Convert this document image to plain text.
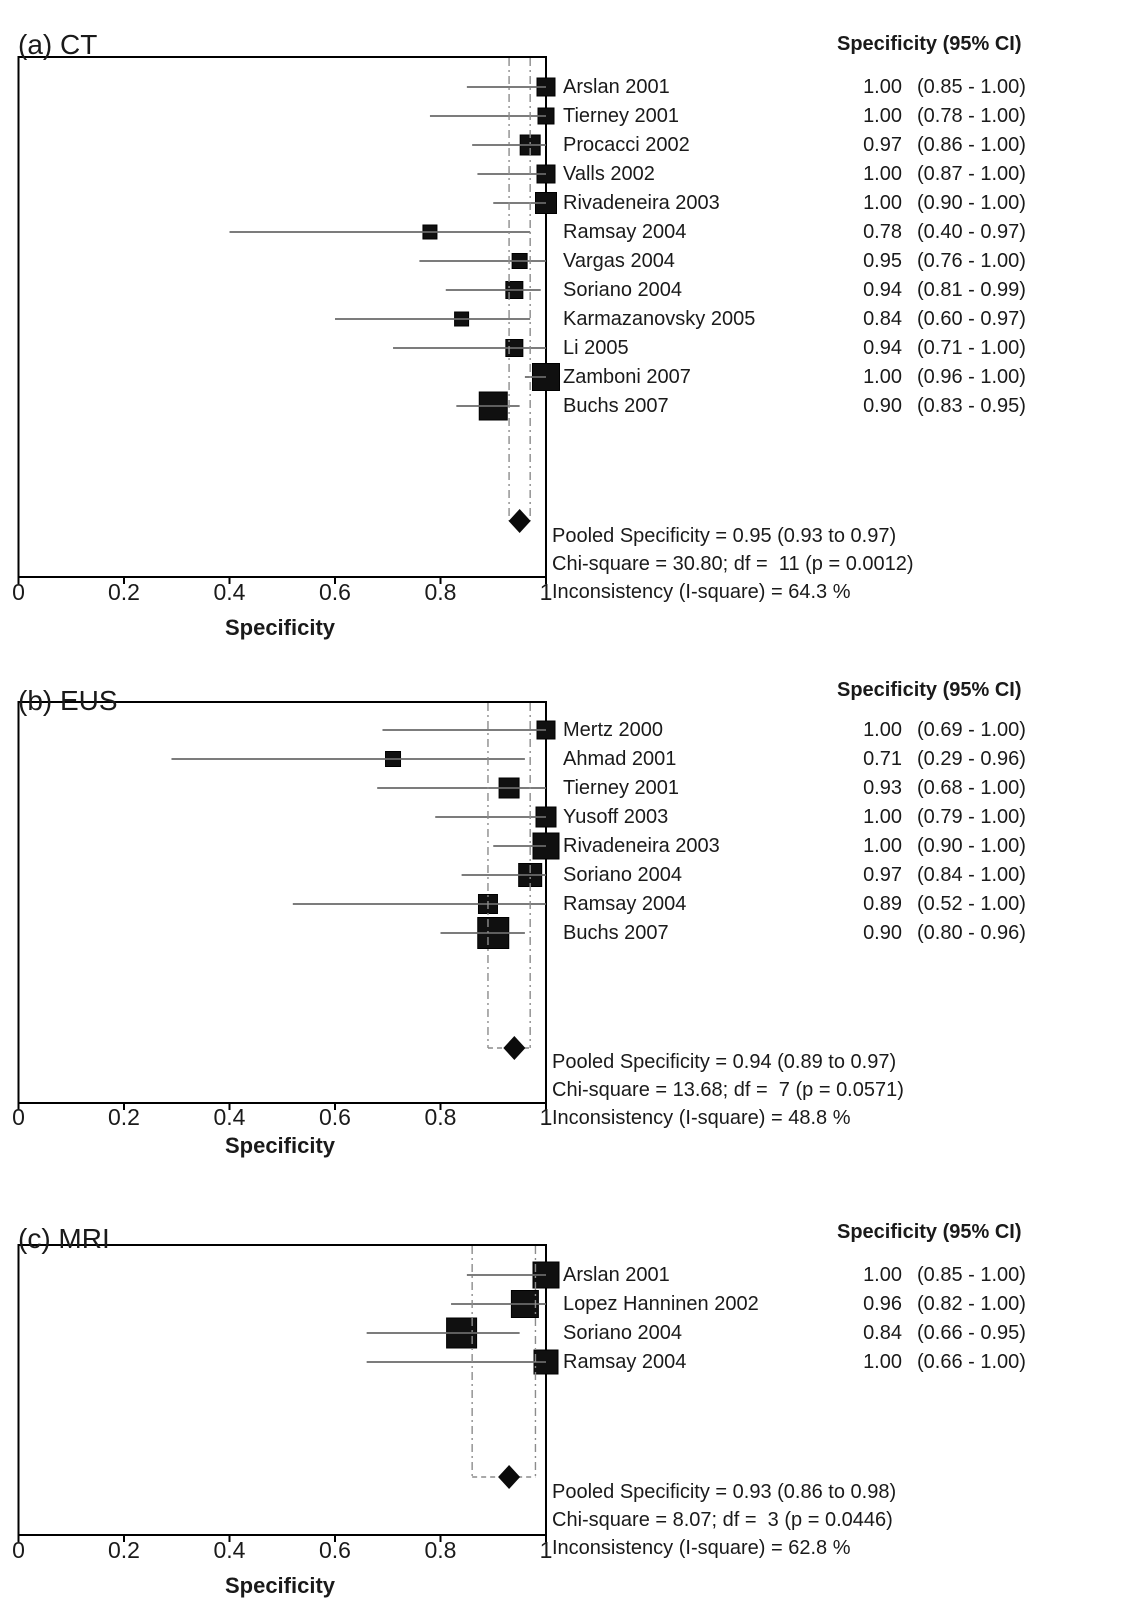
(a) CT	Specificity (95% CI)
(b) EUS	Specificity (95% CI)
(c) MRI	Specificity (95% CI)
Arslan 2001	1.00 (0.85 - 1.00)
Tierney 2001	1.00 (0.78 - 1.00)
Procacci 2002	0.97 (0.86 - 1.00)
Valls 2002	1.00 (0.87 - 1.00)
Rivadeneira 2003	1.00 (0.90 - 1.00)
Ramsay 2004	0.78 (0.40 - 0.97)
Vargas 2004	0.95 (0.76 - 1.00)
Soriano 2004	0.94 (0.81 - 0.99)
Karmazanovsky 2005	0.84 (0.60 - 0.97)
Li 2005	0.94 (0.71 - 1.00)
Zamboni 2007	1.00 (0.96 - 1.00)
Buchs 2007	0.90 (0.83 - 0.95)
Pooled Specificity = 0.95 (0.93 to 0.97)
Chi-square = 30.80; df =  11 (p = 0.0012)
Inconsistency (I-square) = 64.3 %
0	0.2	0.4	0.6	0.8	1
Specificity
Mertz 2000	1.00 (0.69 - 1.00)
Ahmad 2001	0.71 (0.29 - 0.96)
Tierney 2001	0.93 (0.68 - 1.00)
Yusoff 2003	1.00 (0.79 - 1.00)
Rivadeneira 2003	1.00 (0.90 - 1.00)
Soriano 2004	0.97 (0.84 - 1.00)
Ramsay 2004	0.89 (0.52 - 1.00)
Buchs 2007	0.90 (0.80 - 0.96)
Pooled Specificity = 0.94 (0.89 to 0.97)
Chi-square = 13.68; df =  7 (p = 0.0571)
Inconsistency (I-square) = 48.8 %
0	0.2	0.4	0.6	0.8	1
Specificity
Arslan 2001	1.00 (0.85 - 1.00)
Lopez Hanninen 2002	0.96 (0.82 - 1.00)
Soriano 2004	0.84 (0.66 - 0.95)
Ramsay 2004	1.00 (0.66 - 1.00)
Pooled Specificity = 0.93 (0.86 to 0.98)
Chi-square = 8.07; df =  3 (p = 0.0446)
Inconsistency (I-square) = 62.8 %
0	0.2	0.4	0.6	0.8	1
Specificity
